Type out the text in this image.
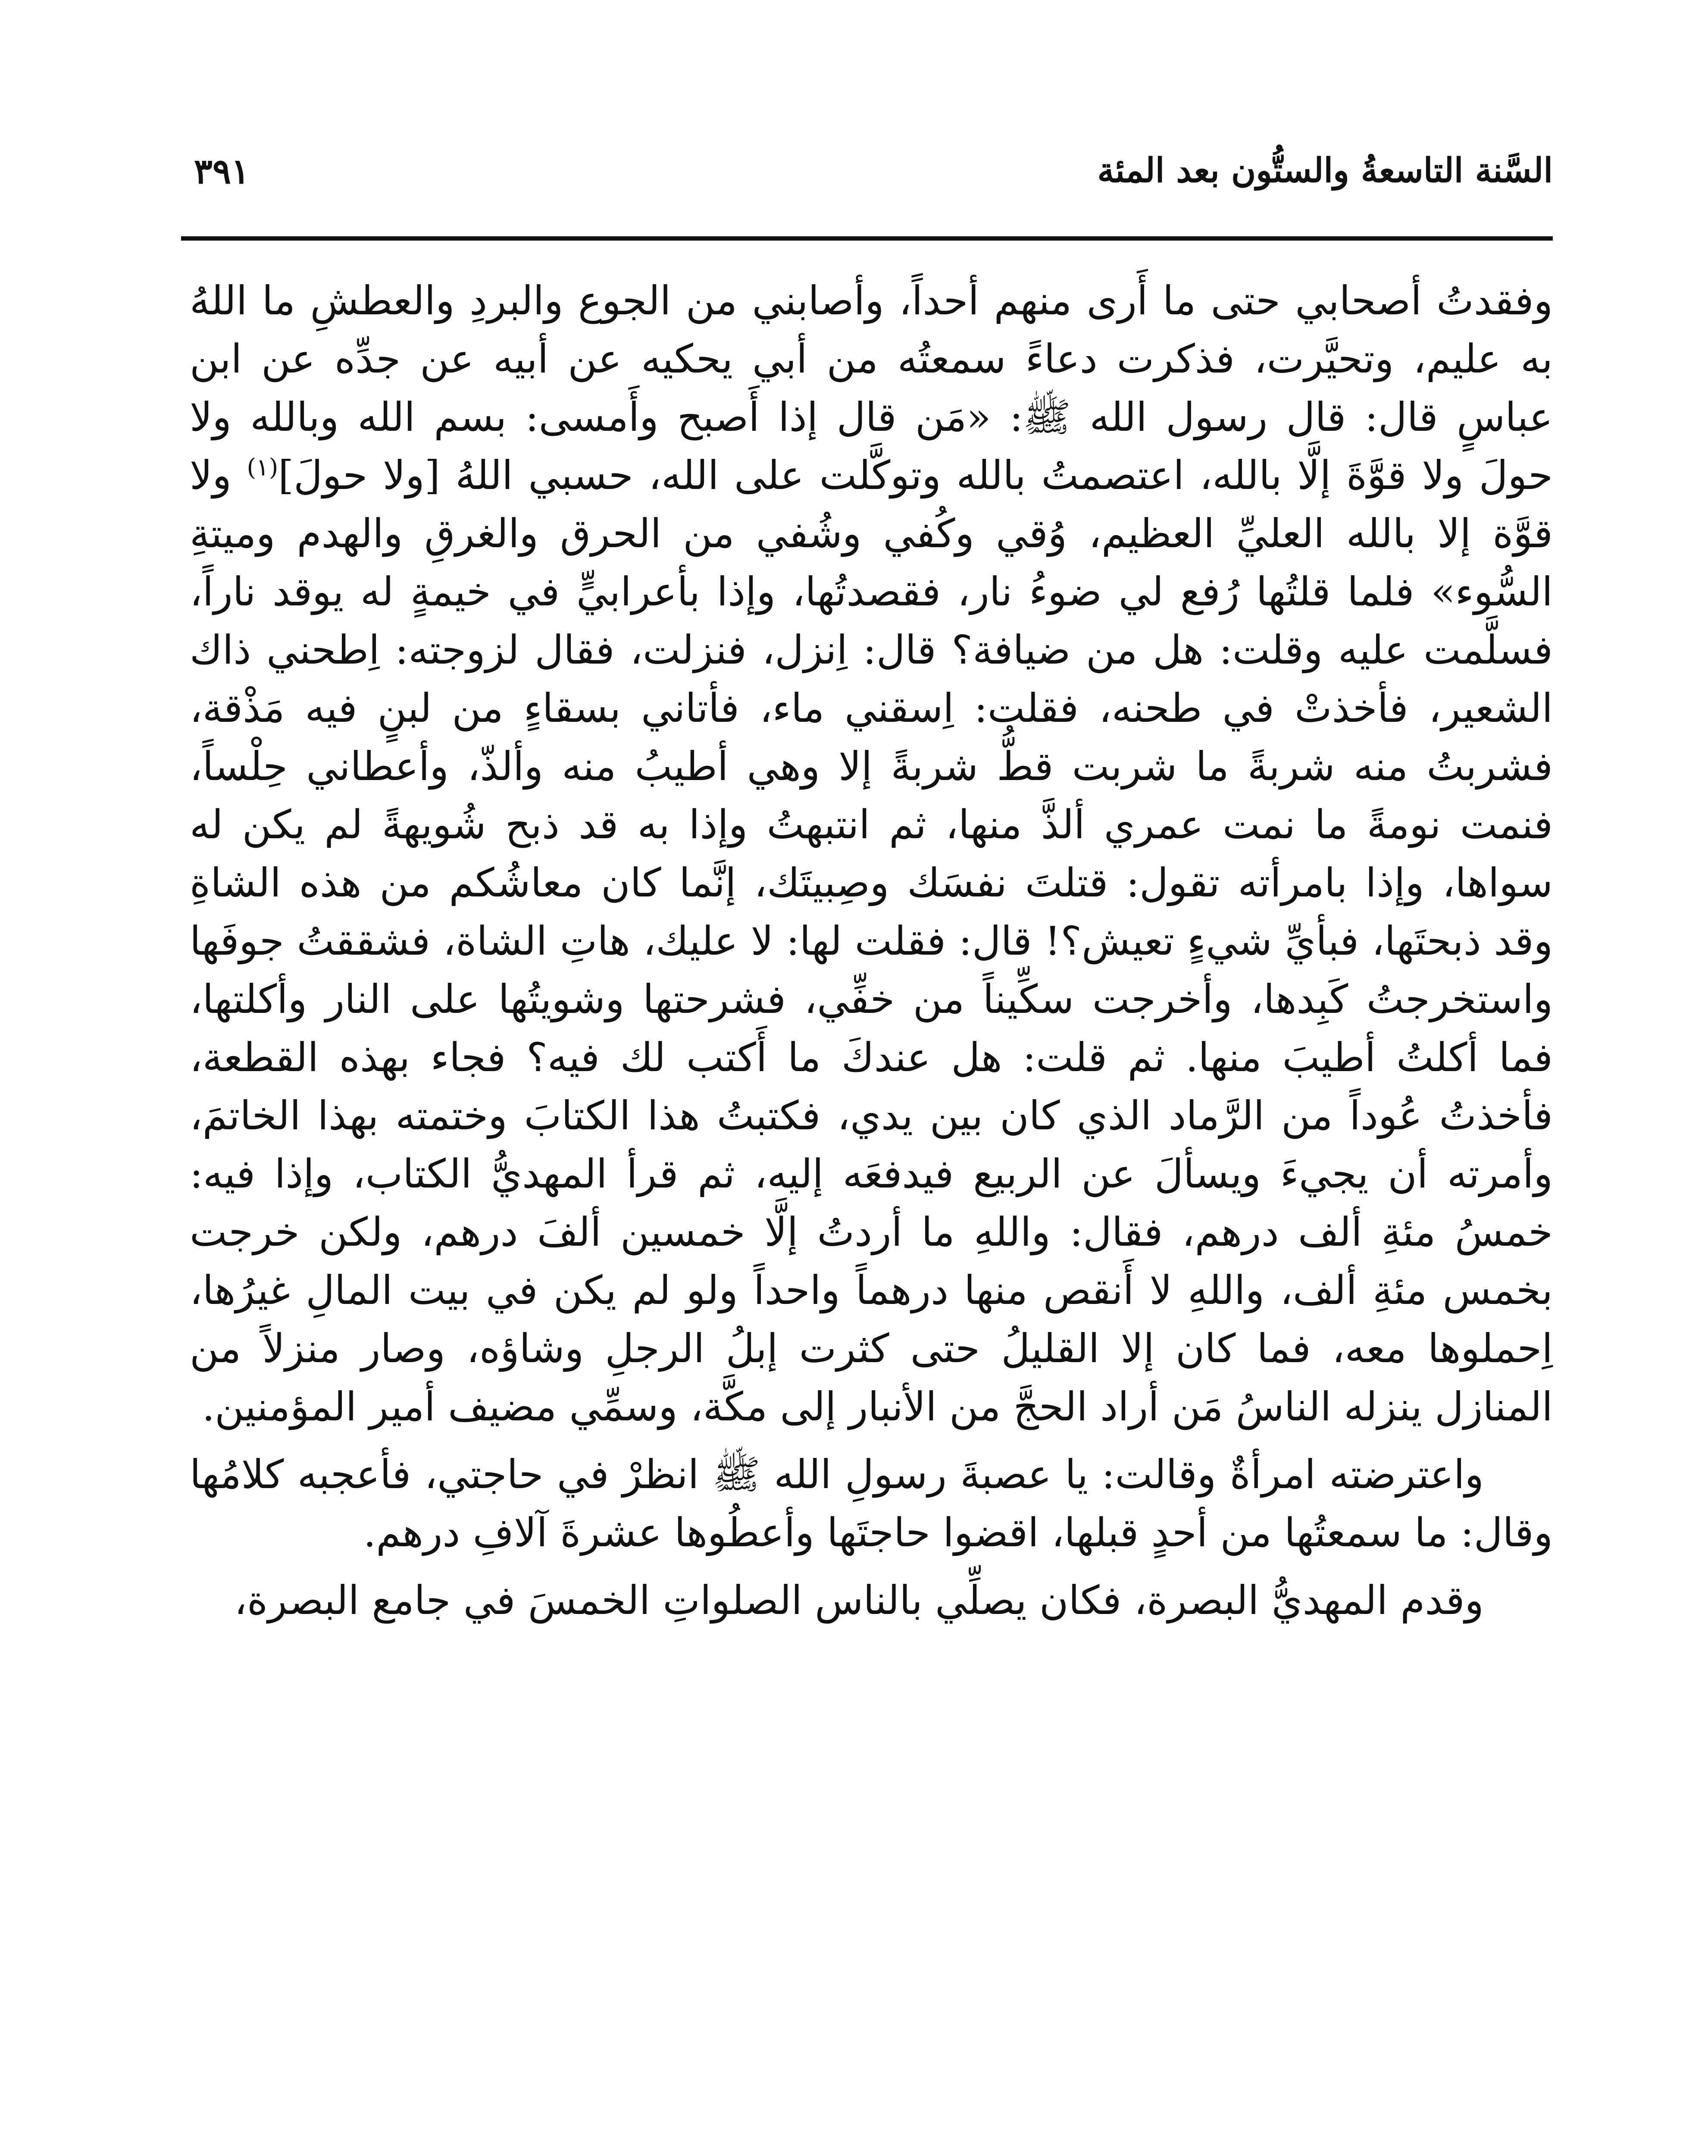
السَّنة التاسعةُ والستُّون بعد المئة
٣٩١

وفقدتُ أصحابي حتى ما أَرى منهم أحداً، وأصابني من الجوع والبردِ والعطشِ ما اللهُ به عليم، وتحيَّرت، فذكرت دعاءً سمعتُه من أبي يحكيه عن أبيه عن جدِّه عن ابن عباسٍ قال: قال رسول الله ﷺ: «مَن قال إذا أَصبح وأَمسى: بسم الله وبالله ولا حولَ ولا قوَّةَ إلَّا بالله، اعتصمتُ بالله وتوكَّلت على الله، حسبي اللهُ [ولا حولَ]$^{(١)}$ ولا قوَّة إلا بالله العليِّ العظيم، وُقي وكُفي وشُفي من الحرق والغرقِ والهدم وميتةِ السُّوء» فلما قلتُها رُفع لي ضوءُ نار، فقصدتُها، وإذا بأعرابيٍّ في خيمةٍ له يوقد ناراً، فسلَّمت عليه وقلت: هل من ضيافة؟ قال: اِنزل، فنزلت، فقال لزوجته: اِطحني ذاك الشعير، فأخذتْ في طحنه، فقلت: اِسقني ماء، فأتاني بسقاءٍ من لبنٍ فيه مَذْقة، فشربتُ منه شربةً ما شربت قطُّ شربةً إلا وهي أطيبُ منه وألذّ، وأعطاني حِلْساً، فنمت نومةً ما نمت عمري ألذَّ منها، ثم انتبهتُ وإذا به قد ذبح شُويهةً لم يكن له سواها، وإذا بامرأته تقول: قتلتَ نفسَك وصِبيتَك، إنَّما كان معاشُكم من هذه الشاةِ وقد ذبحتَها، فبأيِّ شيءٍ تعيش؟! قال: فقلت لها: لا عليك، هاتِ الشاة، فشققتُ جوفَها واستخرجتُ كَبِدها، وأخرجت سكِّيناً من خفِّي، فشرحتها وشويتُها على النار وأكلتها، فما أكلتُ أطيبَ منها. ثم قلت: هل عندكَ ما أَكتب لك فيه؟ فجاء بهذه القطعة، فأخذتُ عُوداً من الرَّماد الذي كان بين يدي، فكتبتُ هذا الكتابَ وختمته بهذا الخاتمَ، وأمرته أن يجيءَ ويسألَ عن الربيع فيدفعَه إليه، ثم قرأ المهديُّ الكتاب، وإذا فيه: خمسُ مئةِ ألف درهم، فقال: واللهِ ما أردتُ إلَّا خمسين ألفَ درهم، ولكن خرجت بخمس مئةِ ألف، واللهِ لا أَنقص منها درهماً واحداً ولو لم يكن في بيت المالِ غيرُها، اِحملوها معه، فما كان إلا القليلُ حتى كثرت إبلُ الرجلِ وشاؤه، وصار منزلاً من المنازل ينزله الناسُ مَن أراد الحجَّ من الأنبار إلى مكَّة، وسمِّي مضيف أمير المؤمنين.

واعترضته امرأةٌ وقالت: يا عصبةَ رسولِ الله ﷺ انظرْ في حاجتي، فأعجبه كلامُها وقال: ما سمعتُها من أحدٍ قبلها، اقضوا حاجتَها وأعطُوها عشرةَ آلافِ درهم.

وقدم المهديُّ البصرة، فكان يصلِّي بالناس الصلواتِ الخمسَ في جامع البصرة،
